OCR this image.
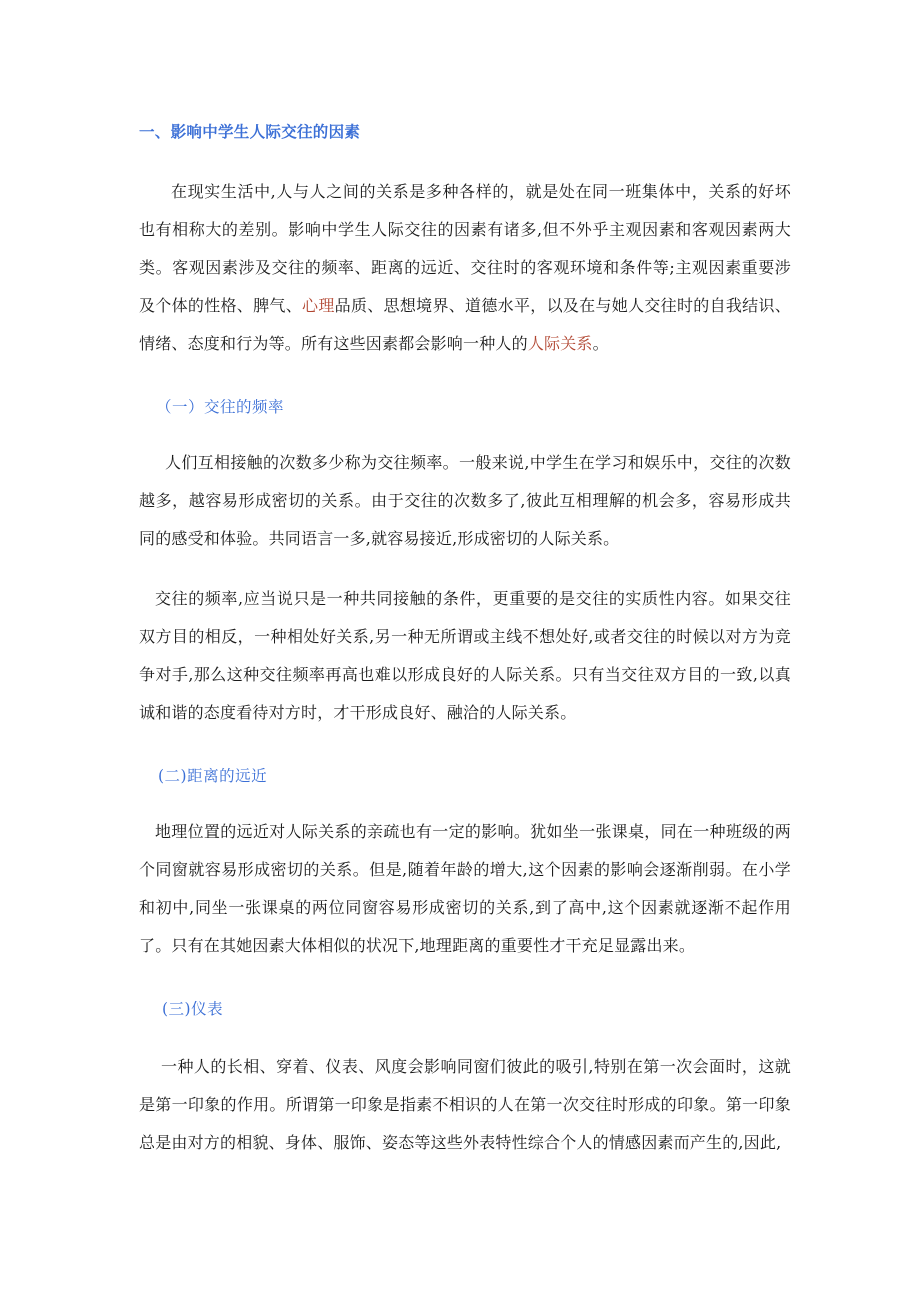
一、影响中学生人际交往的因素
在现实生活中,人与人之间的关系是多种各样的，就是处在同一班集体中，关系的好坏也有相称大的差别。影响中学生人际交往的因素有诸多,但不外乎主观因素和客观因素两大类。客观因素涉及交往的频率、距离的远近、交往时的客观环境和条件等;主观因素重要涉及个体的性格、脾气、心理品质、思想境界、道德水平，以及在与她人交往时的自我结识、情绪、态度和行为等。所有这些因素都会影响一种人的人际关系。
（一）交往的频率
人们互相接触的次数多少称为交往频率。一般来说,中学生在学习和娱乐中，交往的次数越多，越容易形成密切的关系。由于交往的次数多了,彼此互相理解的机会多，容易形成共同的感受和体验。共同语言一多,就容易接近,形成密切的人际关系。
交往的频率,应当说只是一种共同接触的条件，更重要的是交往的实质性内容。如果交往双方目的相反，一种相处好关系,另一种无所谓或主线不想处好,或者交往的时候以对方为竞争对手,那么这种交往频率再高也难以形成良好的人际关系。只有当交往双方目的一致,以真诚和谐的态度看待对方时，才干形成良好、融洽的人际关系。
(二)距离的远近
地理位置的远近对人际关系的亲疏也有一定的影响。犹如坐一张课桌，同在一种班级的两个同窗就容易形成密切的关系。但是,随着年龄的增大,这个因素的影响会逐渐削弱。在小学和初中,同坐一张课桌的两位同窗容易形成密切的关系,到了高中,这个因素就逐渐不起作用了。只有在其她因素大体相似的状况下,地理距离的重要性才干充足显露出来。
(三)仪表
一种人的长相、穿着、仪表、风度会影响同窗们彼此的吸引,特别在第一次会面时，这就是第一印象的作用。所谓第一印象是指素不相识的人在第一次交往时形成的印象。第一印象总是由对方的相貌、身体、服饰、姿态等这些外表特性综合个人的情感因素而产生的,因此,
